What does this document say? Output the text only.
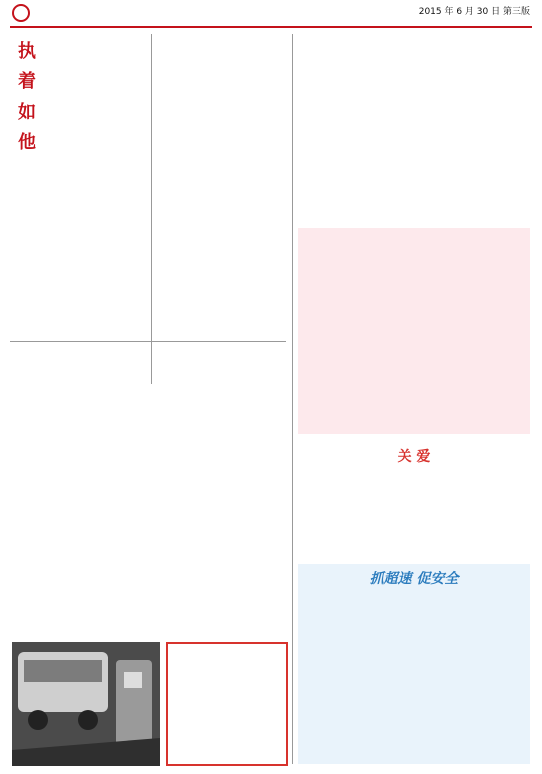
2015 年 6 月 30 日 第三版
执
着
如
他
关 爱
抓超速 促安全
